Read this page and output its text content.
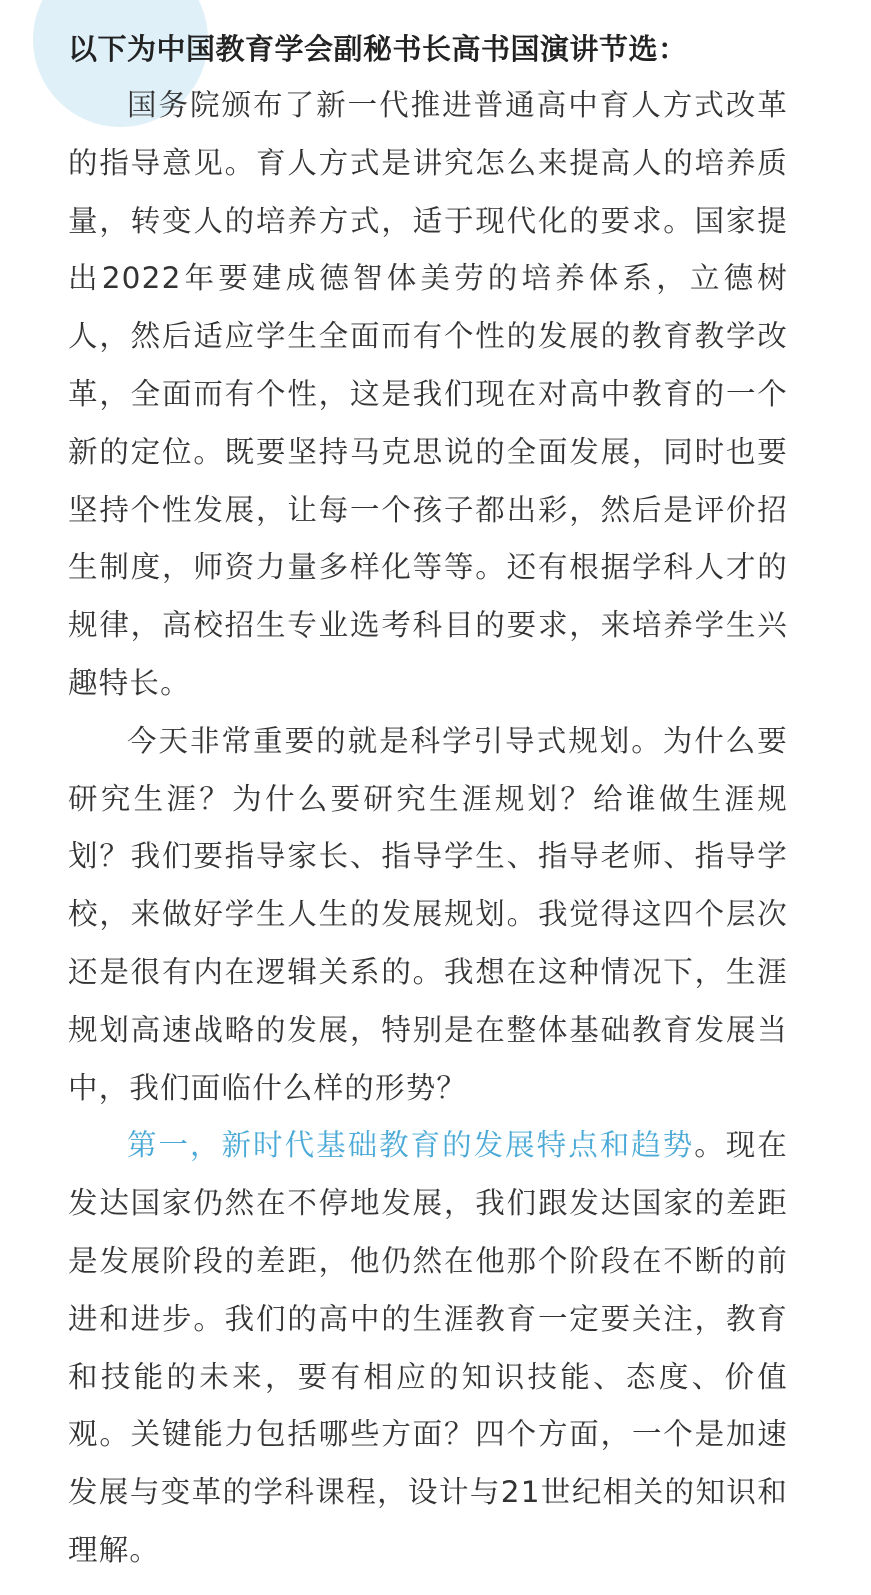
以下为中国教育学会副秘书长高书国演讲节选：

国务院颁布了新一代推进普通高中育人方式改革的指导意见。育人方式是讲究怎么来提高人的培养质量，转变人的培养方式，适于现代化的要求。国家提出2022年要建成德智体美劳的培养体系，立德树人，然后适应学生全面而有个性的发展的教育教学改革，全面而有个性，这是我们现在对高中教育的一个新的定位。既要坚持马克思说的全面发展，同时也要坚持个性发展，让每一个孩子都出彩，然后是评价招生制度，师资力量多样化等等。还有根据学科人才的规律，高校招生专业选考科目的要求，来培养学生兴趣特长。

今天非常重要的就是科学引导式规划。为什么要研究生涯？为什么要研究生涯规划？给谁做生涯规划？我们要指导家长、指导学生、指导老师、指导学校，来做好学生人生的发展规划。我觉得这四个层次还是很有内在逻辑关系的。我想在这种情况下，生涯规划高速战略的发展，特别是在整体基础教育发展当中，我们面临什么样的形势？

第一，新时代基础教育的发展特点和趋势。现在发达国家仍然在不停地发展，我们跟发达国家的差距是发展阶段的差距，他仍然在他那个阶段在不断的前进和进步。我们的高中的生涯教育一定要关注，教育和技能的未来，要有相应的知识技能、态度、价值观。关键能力包括哪些方面？四个方面，一个是加速发展与变革的学科课程，设计与21世纪相关的知识和理解。
